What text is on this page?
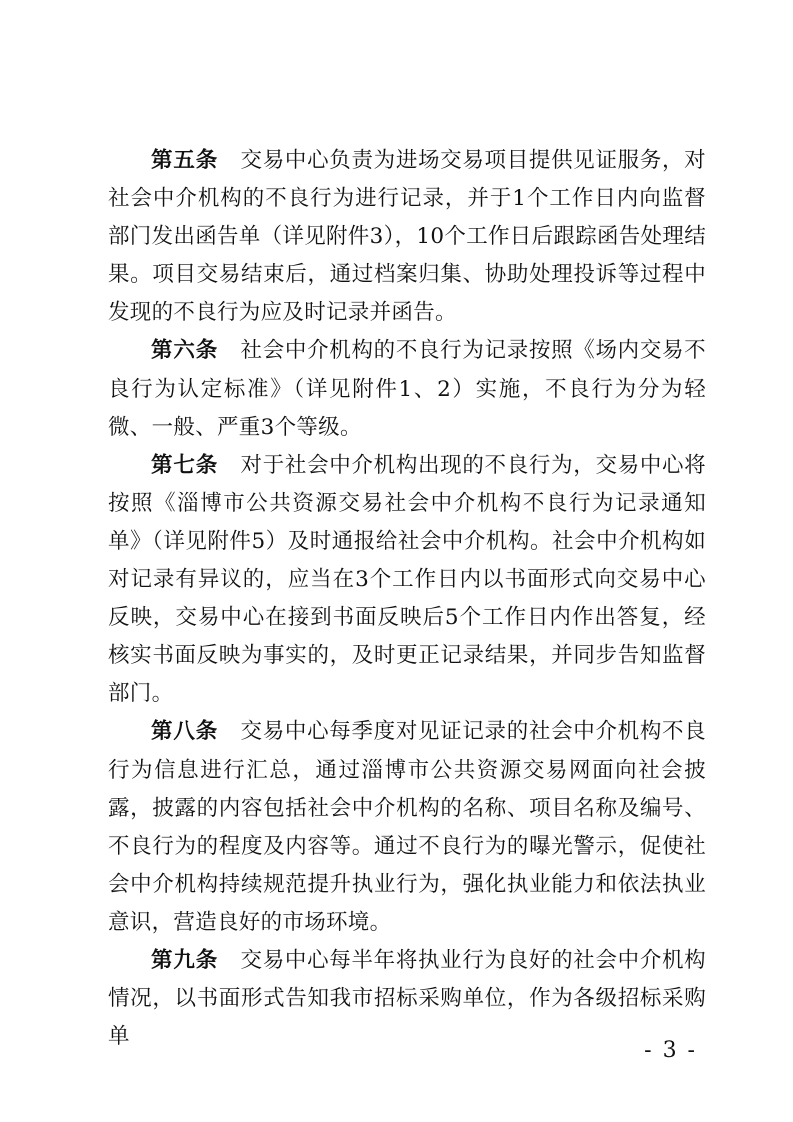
第五条 交易中心负责为进场交易项目提供见证服务，对社会中介机构的不良行为进行记录，并于1个工作日内向监督部门发出函告单（详见附件3），10个工作日后跟踪函告处理结果。项目交易结束后，通过档案归集、协助处理投诉等过程中发现的不良行为应及时记录并函告。

第六条 社会中介机构的不良行为记录按照《场内交易不良行为认定标准》（详见附件1、2）实施，不良行为分为轻微、一般、严重3个等级。

第七条 对于社会中介机构出现的不良行为，交易中心将按照《淄博市公共资源交易社会中介机构不良行为记录通知单》（详见附件5）及时通报给社会中介机构。社会中介机构如对记录有异议的，应当在3个工作日内以书面形式向交易中心反映，交易中心在接到书面反映后5个工作日内作出答复，经核实书面反映为事实的，及时更正记录结果，并同步告知监督部门。

第八条 交易中心每季度对见证记录的社会中介机构不良行为信息进行汇总，通过淄博市公共资源交易网面向社会披露，披露的内容包括社会中介机构的名称、项目名称及编号、不良行为的程度及内容等。通过不良行为的曝光警示，促使社会中介机构持续规范提升执业行为，强化执业能力和依法执业意识，营造良好的市场环境。

第九条 交易中心每半年将执业行为良好的社会中介机构情况，以书面形式告知我市招标采购单位，作为各级招标采购单

- 3 -
